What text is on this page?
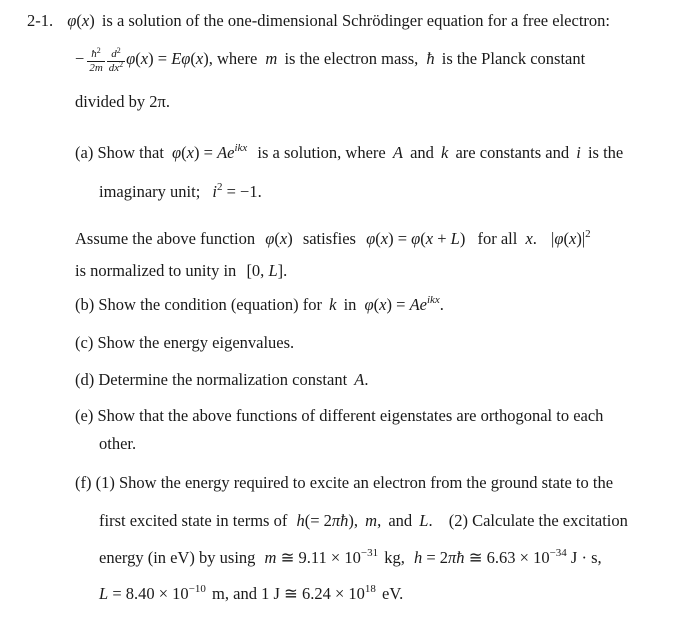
2-1. φ(x) is a solution of the one-dimensional Schrödinger equation for a free electron:
− $\frac{ħ^2}{2m} \frac{d^2}{dx^2} \varphi(x) = E\varphi(x)$, where m is the electron mass, ħ is the Planck constant
divided by 2π.
(a) Show that $\varphi(x) = Ae^{ikx}$ is a solution, where A and k are constants and i is the
imaginary unit; $i^2 = -1$.
Assume the above function φ(x) satisfies φ(x) = φ(x + L) for all x. $|\varphi(x)|^2$
is normalized to unity in [0, L].
(b) Show the condition (equation) for k in $\varphi(x) = Ae^{ikx}$.
(c) Show the energy eigenvalues.
(d) Determine the normalization constant A.
(e) Show that the above functions of different eigenstates are orthogonal to each
other.
(f) (1) Show the energy required to excite an electron from the ground state to the
first excited state in terms of h(= 2πħ), m, and L. (2) Calculate the excitation
energy (in eV) by using m ≅ $9.11 \times 10^{-31}$ kg, h = 2πħ ≅ $6.63 \times 10^{-34}$ J · s,
$L = 8.40 \times 10^{-10}$ m, and 1 J ≅ $6.24 \times 10^{18}$ eV.
